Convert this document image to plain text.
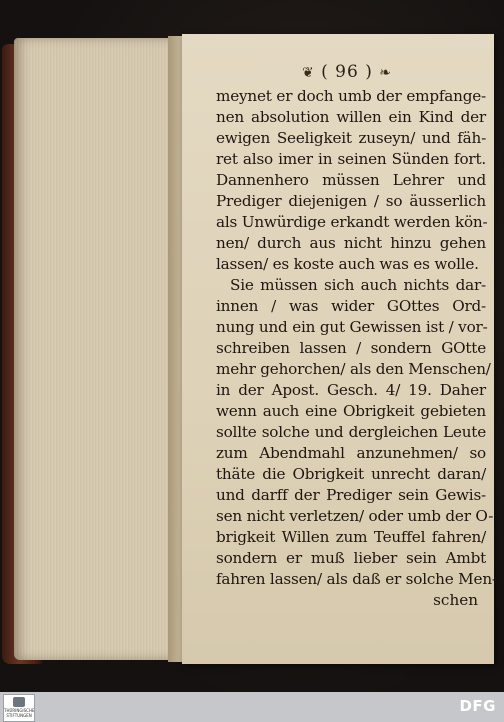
❦ ( 96 ) ❧
meynet er doch umb der empfange-
nen absolution willen ein Kind der
ewigen Seeligkeit zuseyn/ und fäh-
ret also imer in seinen Sünden fort.
Dannenhero müssen Lehrer und
Prediger diejenigen / so äusserlich
als Unwürdige erkandt werden kön-
nen/ durch aus nicht hinzu gehen
lassen/ es koste auch was es wolle.
Sie müssen sich auch nichts dar-
innen / was wider GOttes Ord-
nung und ein gut Gewissen ist / vor-
schreiben lassen / sondern GOtte
mehr gehorchen/ als den Menschen/
in der Apost. Gesch. 4/ 19. Daher
wenn auch eine Obrigkeit gebieten
sollte solche und dergleichen Leute
zum Abendmahl anzunehmen/ so
thäte die Obrigkeit unrecht daran/
und darff der Prediger sein Gewis-
sen nicht verletzen/ oder umb der O-
brigkeit Willen zum Teuffel fahren/
sondern er muß lieber sein Ambt
fahren lassen/ als daß er solche Men-
schen
THÜRINGISCHE STIFTUNGEN
DFG
